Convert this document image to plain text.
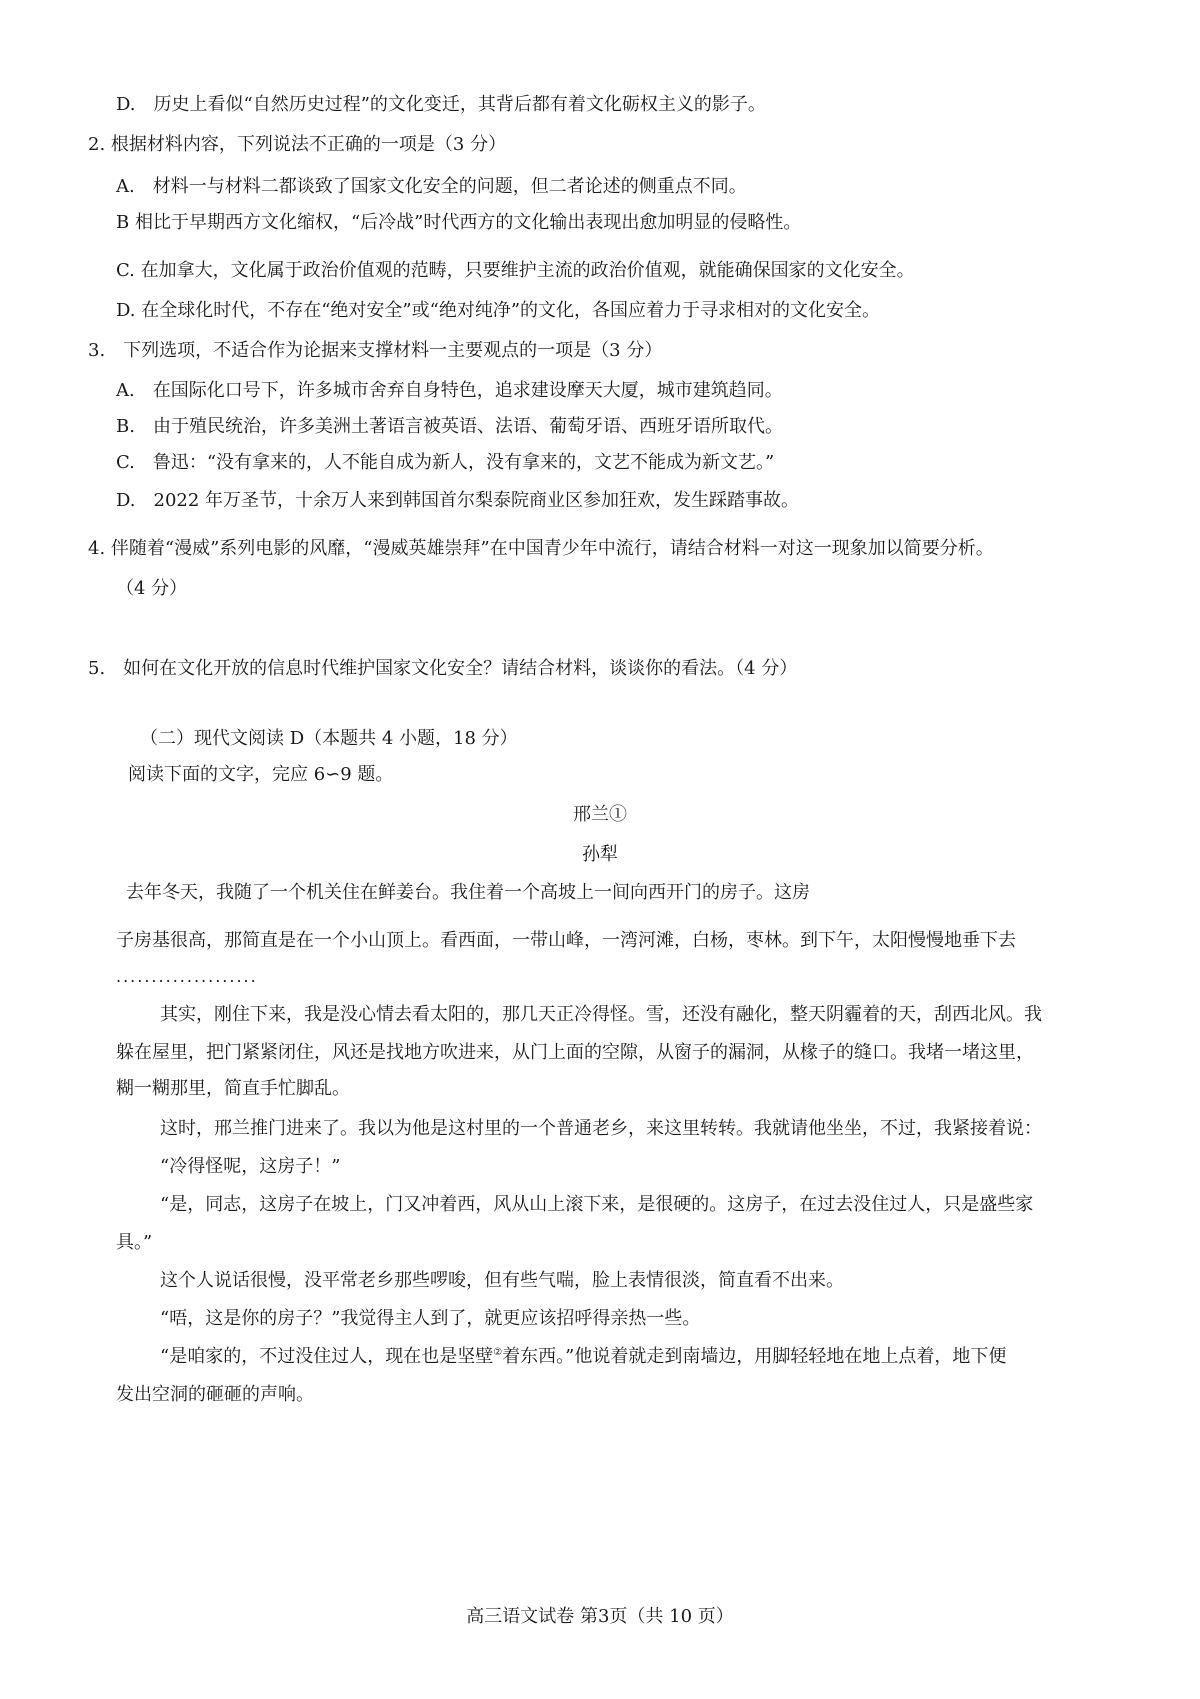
D.　历史上看似“自然历史过程”的文化变迁，其背后都有着文化砺权主义的影子。
2. 根据材料内容，下列说法不正确的一项是（3 分）
A.　材料一与材料二都谈致了国家文化安全的问题，但二者论述的侧重点不同。
B 相比于早期西方文化缩权，“后冷战”时代西方的文化输出表现出愈加明显的侵略性。
C. 在加拿大，文化属于政治价值观的范畴，只要维护主流的政治价值观，就能确保国家的文化安全。
D. 在全球化时代，不存在“绝对安全”或“绝对纯净”的文化，各国应着力于寻求相对的文化安全。
3.　下列选项，不适合作为论据来支撑材料一主要观点的一项是（3 分）
A.　在国际化口号下，许多城市舍弃自身特色，追求建设摩天大厦，城市建筑趋同。
B.　由于殖民统治，许多美洲土著语言被英语、法语、葡萄牙语、西班牙语所取代。
C.　鲁迅：“没有拿来的，人不能自成为新人，没有拿来的，文艺不能成为新文艺。”
D.　2022 年万圣节，十余万人来到韩国首尔梨泰院商业区参加狂欢，发生踩踏事故。
4. 伴随着“漫威”系列电影的风靡，“漫威英雄崇拜”在中国青少年中流行，请结合材料一对这一现象加以简要分析。
（4 分）
5.　如何在文化开放的信息时代维护国家文化安全？请结合材料，谈谈你的看法。（4 分）
（二）现代文阅读 D（本题共 4 小题，18 分）
阅读下面的文字，完应 6∽9 题。
邢兰①
孙犁
去年冬天，我随了一个机关住在鲜姜台。我住着一个高坡上一间向西开门的房子。这房
子房基很高，那简直是在一个小山顶上。看西面，一带山峰，一湾河滩，白杨，枣林。到下午，太阳慢慢地垂下去
....................
其实，刚住下来，我是没心情去看太阳的，那几天正冷得怪。雪，还没有融化，整天阴霾着的天，刮西北风。我
躲在屋里，把门紧紧闭住，风还是找地方吹进来，从门上面的空隙，从窗子的漏洞，从椽子的缝口。我堵一堵这里，
糊一糊那里，简直手忙脚乱。
这时，邢兰推门进来了。我以为他是这村里的一个普通老乡，来这里转转。我就请他坐坐，不过，我紧接着说：
“冷得怪呢，这房子！”
“是，同志，这房子在坡上，门又冲着西，风从山上滚下来，是很硬的。这房子，在过去没住过人，只是盛些家
具。”
这个人说话很慢，没平常老乡那些啰唆，但有些气喘，脸上表情很淡，简直看不出来。
“唔，这是你的房子？”我觉得主人到了，就更应该招呼得亲热一些。
“是咱家的，不过没住过人，现在也是坚壁②着东西。”他说着就走到南墙边，用脚轻轻地在地上点着，地下便
发出空洞的砸砸的声响。
高三语文试卷 第3页（共 10 页）
